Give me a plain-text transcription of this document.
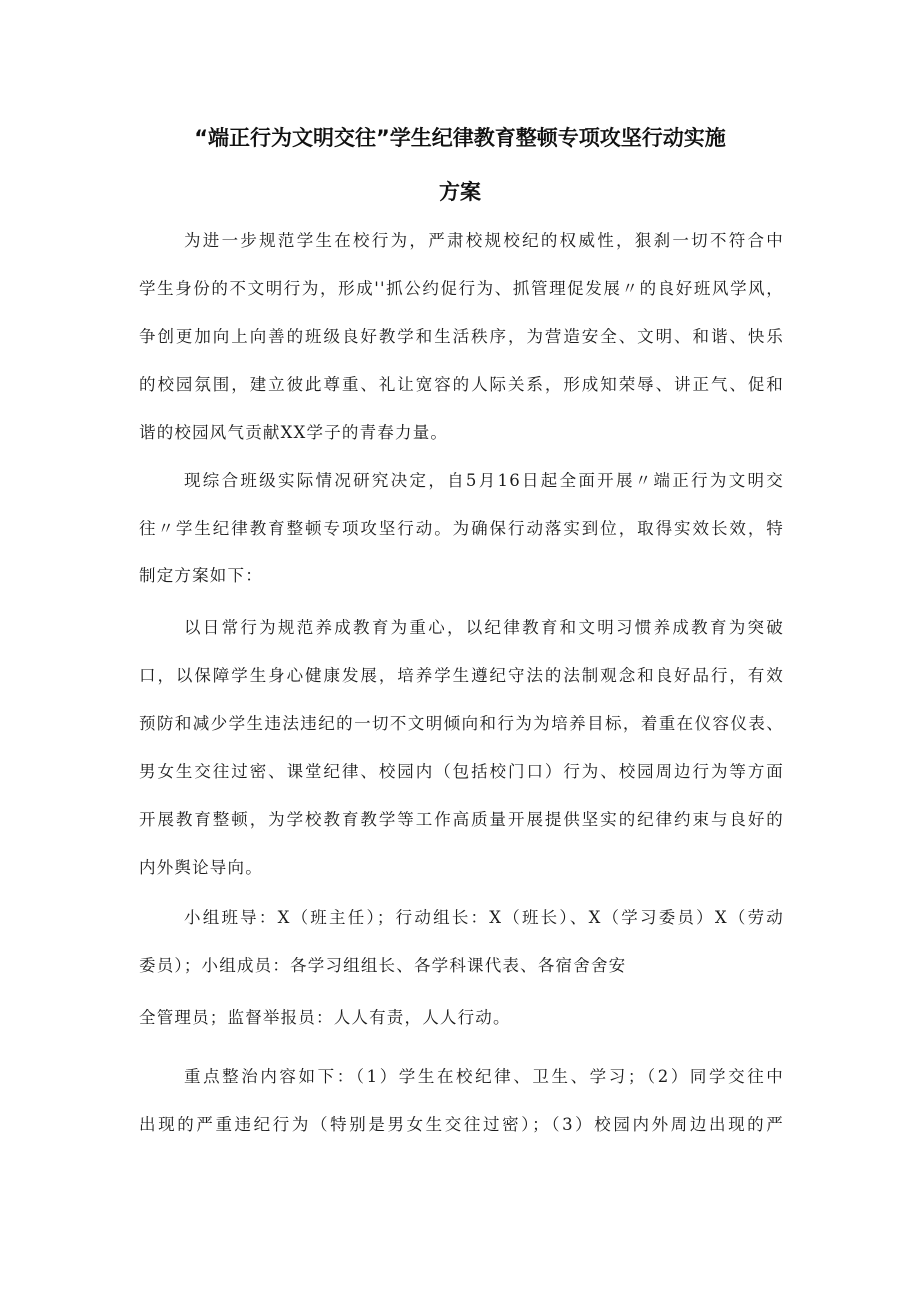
“端正行为文明交往”学生纪律教育整顿专项攻坚行动实施
方案
为进一步规范学生在校行为，严肃校规校纪的权威性，狠刹一切不符合中
学生身份的不文明行为，形成''抓公约促行为、抓管理促发展〃的良好班风学风，
争创更加向上向善的班级良好教学和生活秩序，为营造安全、文明、和谐、快乐
的校园氛围，建立彼此尊重、礼让宽容的人际关系，形成知荣辱、讲正气、促和
谐的校园风气贡献XX学子的青春力量。
现综合班级实际情况研究决定，自5月16日起全面开展〃端正行为文明交
往〃学生纪律教育整顿专项攻坚行动。为确保行动落实到位，取得实效长效，特
制定方案如下：
以日常行为规范养成教育为重心，以纪律教育和文明习惯养成教育为突破
口，以保障学生身心健康发展，培养学生遵纪守法的法制观念和良好品行，有效
预防和减少学生违法违纪的一切不文明倾向和行为为培养目标，着重在仪容仪表、
男女生交往过密、课堂纪律、校园内（包括校门口）行为、校园周边行为等方面
开展教育整顿，为学校教育教学等工作高质量开展提供坚实的纪律约束与良好的
内外舆论导向。
小组班导：X（班主任）；行动组长：X（班长）、X（学习委员）X（劳动
委员）；小组成员：各学习组组长、各学科课代表、各宿舍舍安
全管理员；监督举报员：人人有责，人人行动。
重点整治内容如下：（1）学生在校纪律、卫生、学习；（2）同学交往中
出现的严重违纪行为（特别是男女生交往过密）；（3）校园内外周边出现的严
